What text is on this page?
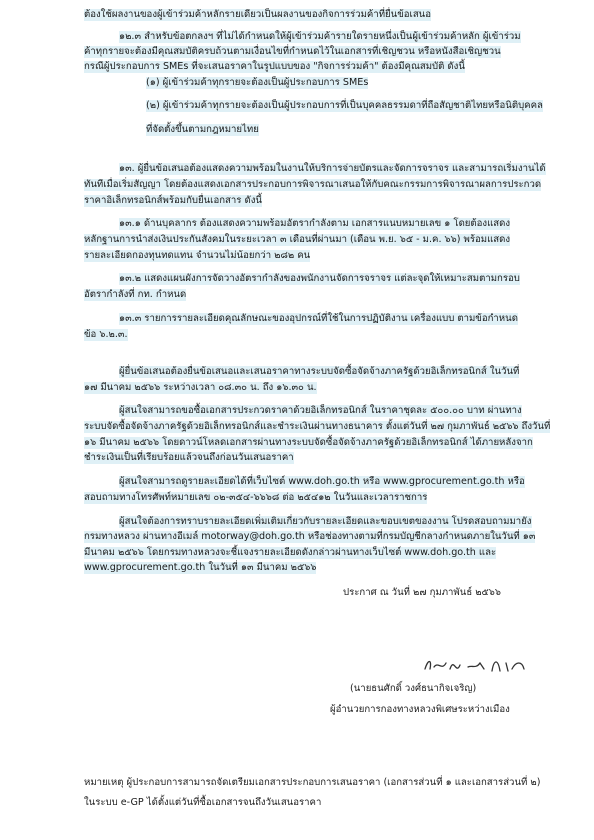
ต้องใช้ผลงานของผู้เข้าร่วมค้าหลักรายเดียวเป็นผลงานของกิจการร่วมค้าที่ยื่นข้อเสนอ
๑๒.๓ สำหรับข้อตกลงฯ ที่ไม่ได้กำหนดให้ผู้เข้าร่วมค้ารายใดรายหนึ่งเป็นผู้เข้าร่วมค้าหลัก ผู้เข้าร่วม
ค้าทุกรายจะต้องมีคุณสมบัติครบถ้วนตามเงื่อนไขที่กำหนดไว้ในเอกสารที่เชิญชวน หรือหนังสือเชิญชวน
กรณีผู้ประกอบการ SMEs ที่จะเสนอราคาในรูปแบบของ "กิจการร่วมค้า" ต้องมีคุณสมบัติ ดังนี้
(๑) ผู้เข้าร่วมค้าทุกรายจะต้องเป็นผู้ประกอบการ SMEs
(๒) ผู้เข้าร่วมค้าทุกรายจะต้องเป็นผู้ประกอบการที่เป็นบุคคลธรรมดาที่ถือสัญชาติไทยหรือนิติบุคคล
ที่จัดตั้งขึ้นตามกฎหมายไทย
๑๓. ผู้ยื่นข้อเสนอต้องแสดงความพร้อมในงานให้บริการจ่ายบัตรและจัดการจราจร และสามารถเริ่มงานได้
ทันทีเมื่อเริ่มสัญญา โดยต้องแสดงเอกสารประกอบการพิจารณาเสนอให้กับคณะกรรมการพิจารณาผลการประกวด
ราคาอิเล็กทรอนิกส์พร้อมกับยื่นเอกสาร ดังนี้
๑๓.๑ ด้านบุคลากร ต้องแสดงความพร้อมอัตรากำลังตาม เอกสารแนบหมายเลข ๑ โดยต้องแสดง
หลักฐานการนำส่งเงินประกันสังคมในระยะเวลา ๓ เดือนที่ผ่านมา (เดือน พ.ย. ๖๕ - ม.ค. ๖๖) พร้อมแสดง
รายละเอียดกองทุนทดแทน จำนวนไม่น้อยกว่า ๒๘๒ คน
๑๓.๒ แสดงแผนผังการจัดวางอัตรากำลังของพนักงานจัดการจราจร แต่ละจุดให้เหมาะสมตามกรอบ
อัตรากำลังที่ กท. กำหนด
๑๓.๓ รายการรายละเอียดคุณลักษณะของอุปกรณ์ที่ใช้ในการปฏิบัติงาน เครื่องแบบ ตามข้อกำหนด
ข้อ ๖.๒.๓.
ผู้ยื่นข้อเสนอต้องยื่นข้อเสนอและเสนอราคาทางระบบจัดซื้อจัดจ้างภาครัฐด้วยอิเล็กทรอนิกส์ ในวันที่
๑๗ มีนาคม ๒๕๖๖ ระหว่างเวลา ๐๘.๓๐ น. ถึง ๑๖.๓๐ น.
ผู้สนใจสามารถขอซื้อเอกสารประกวดราคาด้วยอิเล็กทรอนิกส์ ในราคาชุดละ ๕๐๐.๐๐ บาท ผ่านทาง
ระบบจัดซื้อจัดจ้างภาครัฐด้วยอิเล็กทรอนิกส์และชำระเงินผ่านทางธนาคาร ตั้งแต่วันที่ ๒๗ กุมภาพันธ์ ๒๕๖๖ ถึงวันที่
๑๖ มีนาคม ๒๕๖๖ โดยดาวน์โหลดเอกสารผ่านทางระบบจัดซื้อจัดจ้างภาครัฐด้วยอิเล็กทรอนิกส์ ได้ภายหลังจาก
ชำระเงินเป็นที่เรียบร้อยแล้วจนถึงก่อนวันเสนอราคา
ผู้สนใจสามารถดูรายละเอียดได้ที่เว็บไซต์ www.doh.go.th หรือ www.gprocurement.go.th หรือ
สอบถามทางโทรศัพท์หมายเลข ๐๒-๓๕๔-๖๖๖๘ ต่อ ๒๕๔๑๒ ในวันและเวลาราชการ
ผู้สนใจต้องการทราบรายละเอียดเพิ่มเติมเกี่ยวกับรายละเอียดและขอบเขตของงาน โปรดสอบถามมายัง
กรมทางหลวง ผ่านทางอีเมล์ motorway@doh.go.th หรือช่องทางตามที่กรมบัญชีกลางกำหนดภายในวันที่ ๑๓
มีนาคม ๒๕๖๖ โดยกรมทางหลวงจะชี้แจงรายละเอียดดังกล่าวผ่านทางเว็บไซต์ www.doh.go.th และ
www.gprocurement.go.th ในวันที่ ๑๓ มีนาคม ๒๕๖๖
ประกาศ ณ วันที่ ๒๗ กุมภาพันธ์ ๒๕๖๖
(นายธนศักดิ์ วงศ์ธนากิจเจริญ)
ผู้อำนวยการกองทางหลวงพิเศษระหว่างเมือง
หมายเหตุ ผู้ประกอบการสามารถจัดเตรียมเอกสารประกอบการเสนอราคา (เอกสารส่วนที่ ๑ และเอกสารส่วนที่ ๒)
ในระบบ e-GP ได้ตั้งแต่วันที่ซื้อเอกสารจนถึงวันเสนอราคา
